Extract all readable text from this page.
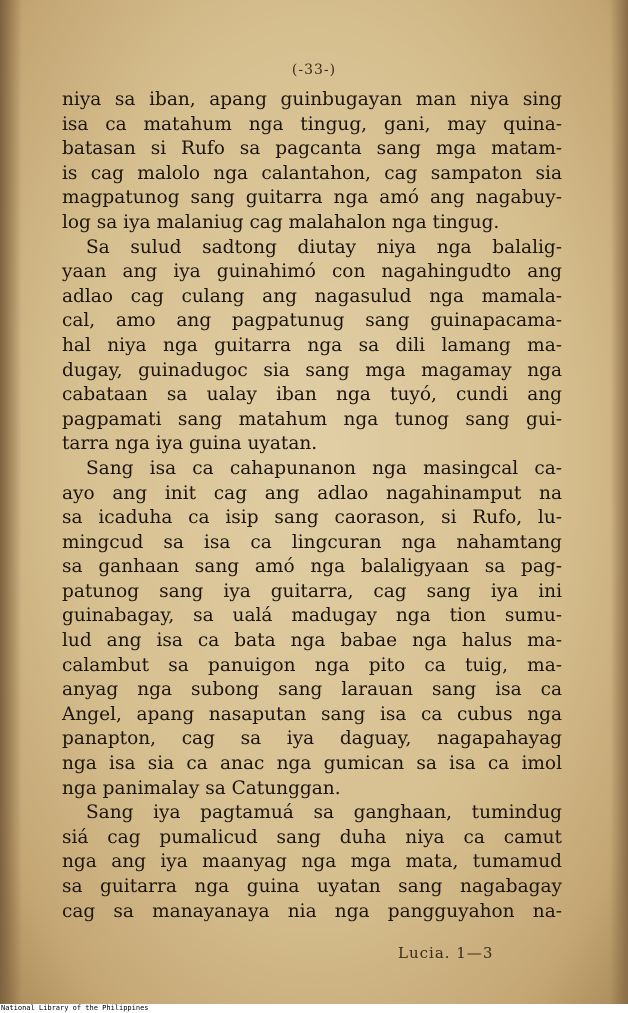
(-33-)
niya sa iban, apang guinbugayan man niya sing
isa ca matahum nga tingug, gani, may quina-
batasan si Rufo sa pagcanta sang mga matam-
is cag malolo nga calantahon, cag sampaton sia
magpatunog sang guitarra nga amó ang nagabuy-
log sa iya malaniug cag malahalon nga tingug.
Sa sulud sadtong diutay niya nga balalig-
yaan ang iya guinahimó con nagahingudto ang
adlao cag culang ang nagasulud nga mamala-
cal, amo ang pagpatunug sang guinapacama-
hal niya nga guitarra nga sa dili lamang ma-
dugay, guinadugoc sia sang mga magamay nga
cabataan sa ualay iban nga tuyó, cundi ang
pagpamati sang matahum nga tunog sang gui-
tarra nga iya guina uyatan.
Sang isa ca cahapunanon nga masingcal ca-
ayo ang init cag ang adlao nagahinamput na
sa icaduha ca isip sang caorason, si Rufo, lu-
mingcud sa isa ca lingcuran nga nahamtang
sa ganhaan sang amó nga balaligyaan sa pag-
patunog sang iya guitarra, cag sang iya ini
guinabagay, sa ualá madugay nga tion sumu-
lud ang isa ca bata nga babae nga halus ma-
calambut sa panuigon nga pito ca tuig, ma-
anyag nga subong sang larauan sang isa ca
Angel, apang nasaputan sang isa ca cubus nga
panapton, cag sa iya daguay, nagapahayag
nga isa sia ca anac nga gumican sa isa ca imol
nga panimalay sa Catunggan.
Sang iya pagtamuá sa ganghaan, tumindug
siá cag pumalicud sang duha niya ca camut
nga ang iya maanyag nga mga mata, tumamud
sa guitarra nga guina uyatan sang nagabagay
cag sa manayanaya nia nga pangguyahon na-
Lucia. 1—3
National Library of the Philippines
